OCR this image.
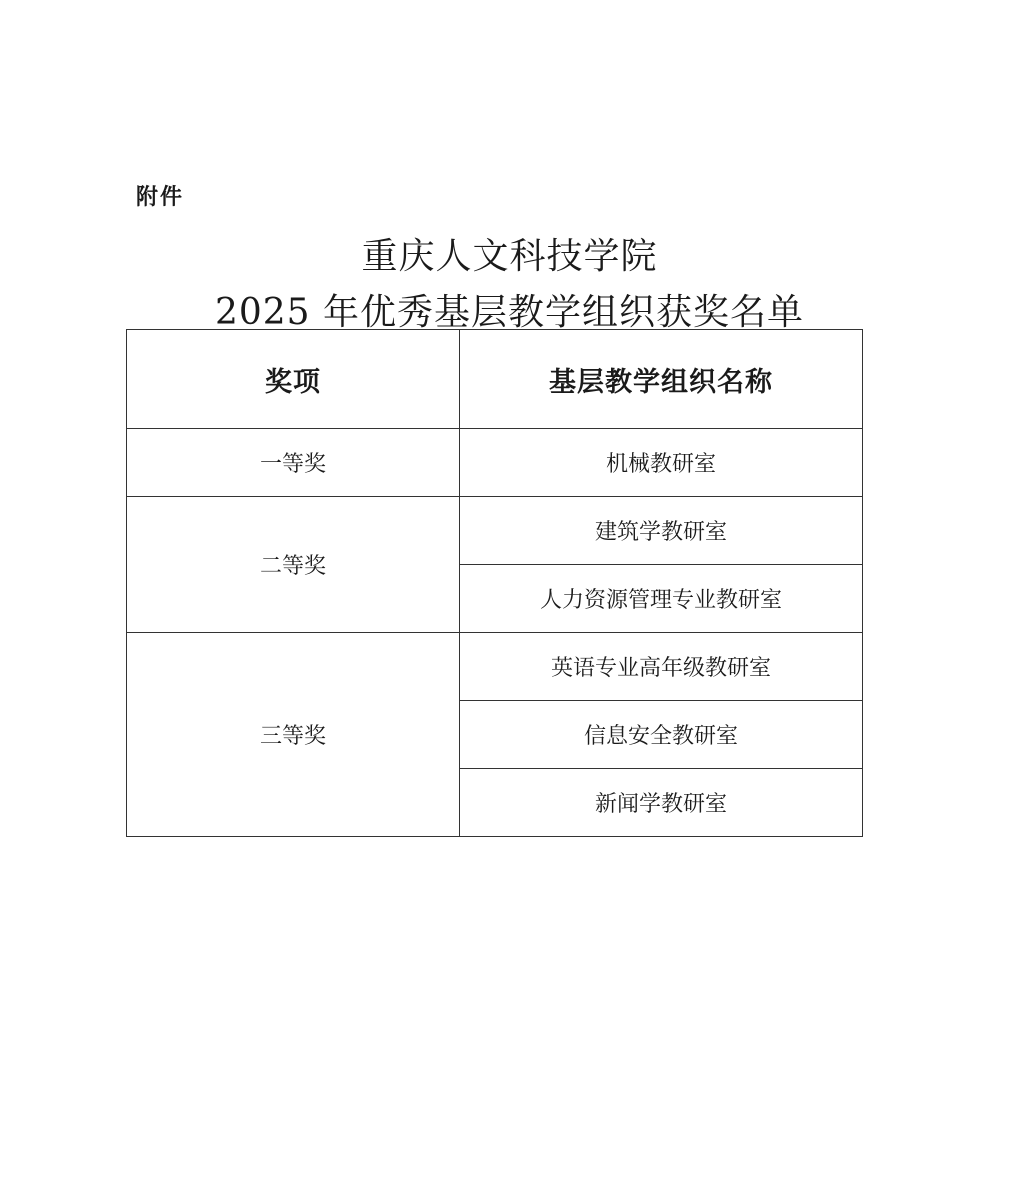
附件
重庆人文科技学院
2025 年优秀基层教学组织获奖名单
奖项	基层教学组织名称
一等奖	机械教研室
二等奖	建筑学教研室
	人力资源管理专业教研室
三等奖	英语专业高年级教研室
	信息安全教研室
	新闻学教研室
